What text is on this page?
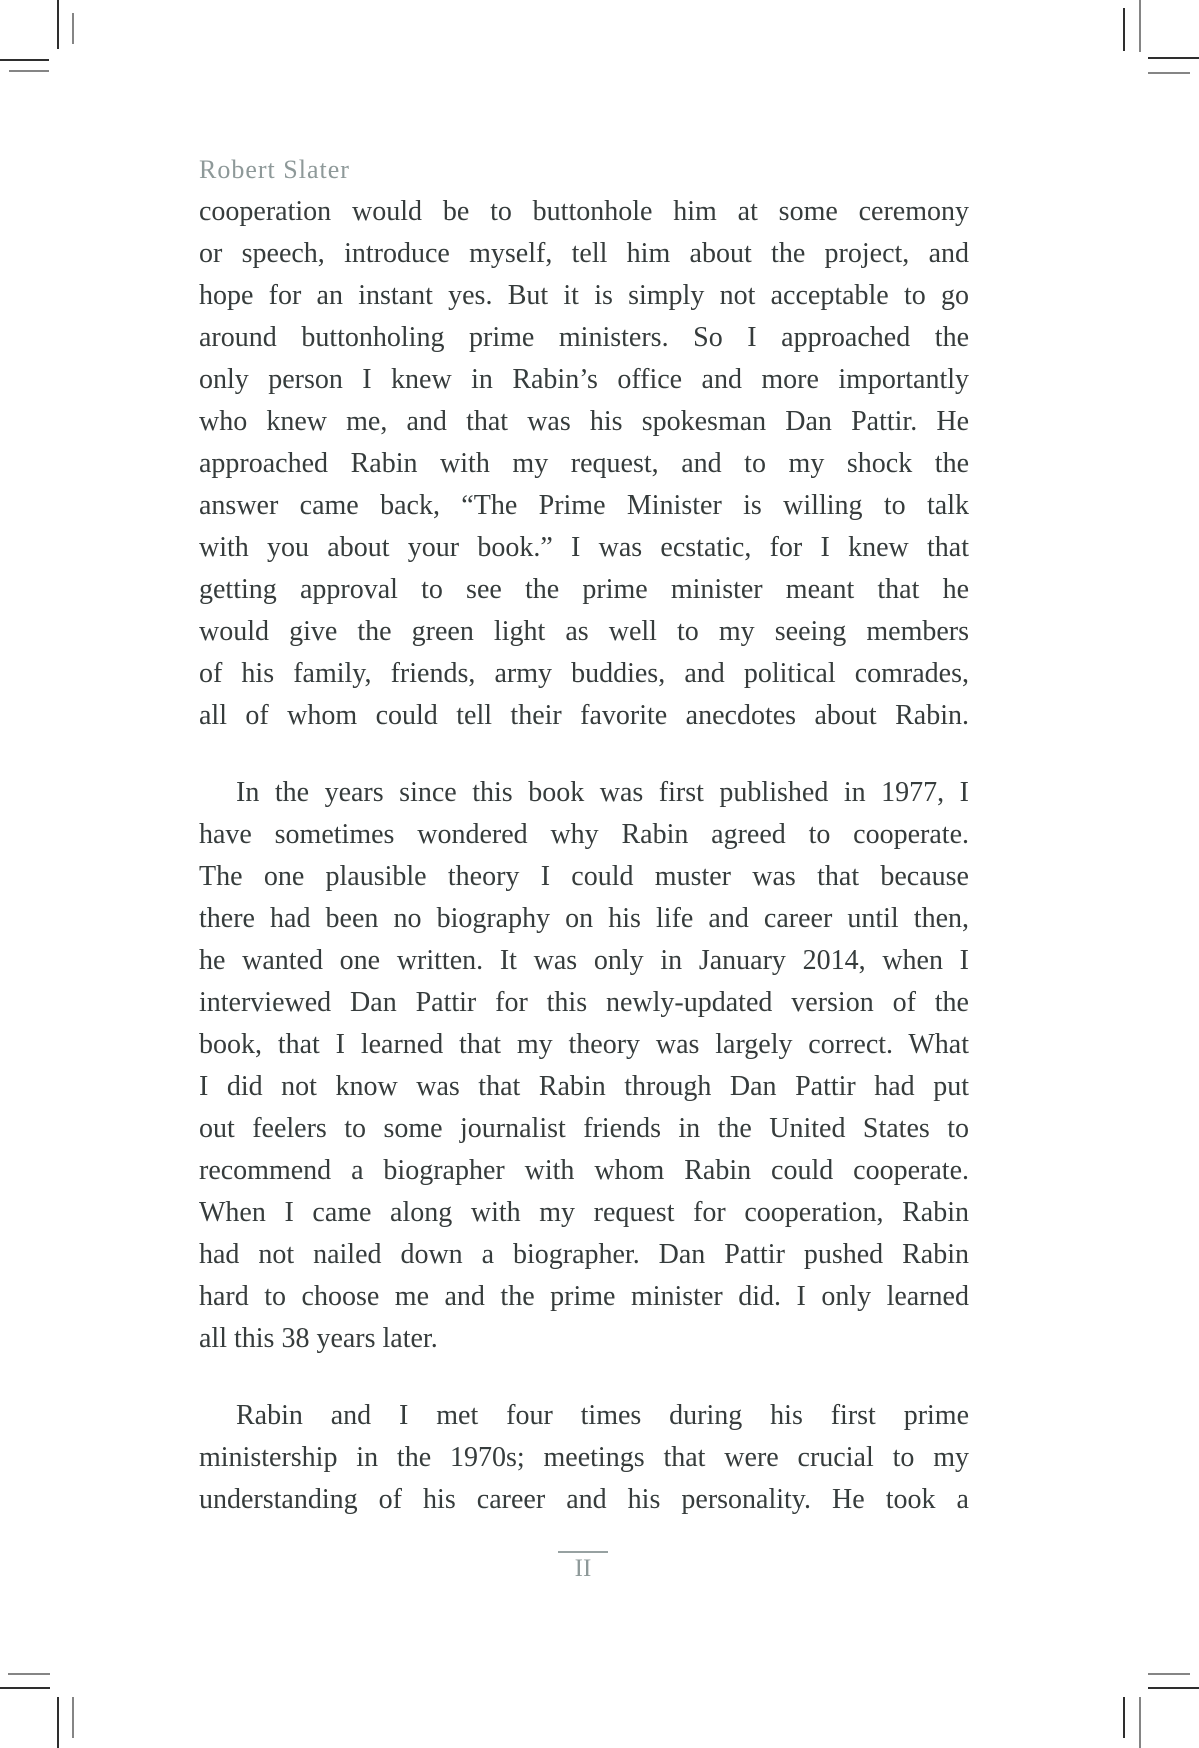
Robert Slater

cooperation would be to buttonhole him at some ceremony
or speech, introduce myself, tell him about the project, and
hope for an instant yes. But it is simply not acceptable to go
around buttonholing prime ministers. So I approached the
only person I knew in Rabin’s office and more importantly
who knew me, and that was his spokesman Dan Pattir. He
approached Rabin with my request, and to my shock the
answer came back, “The Prime Minister is willing to talk
with you about your book.” I was ecstatic, for I knew that
getting approval to see the prime minister meant that he
would give the green light as well to my seeing members
of his family, friends, army buddies, and political comrades,
all of whom could tell their favorite anecdotes about Rabin.

In the years since this book was first published in 1977, I
have sometimes wondered why Rabin agreed to cooperate.
The one plausible theory I could muster was that because
there had been no biography on his life and career until then,
he wanted one written. It was only in January 2014, when I
interviewed Dan Pattir for this newly-updated version of the
book, that I learned that my theory was largely correct. What
I did not know was that Rabin through Dan Pattir had put
out feelers to some journalist friends in the United States to
recommend a biographer with whom Rabin could cooperate.
When I came along with my request for cooperation, Rabin
had not nailed down a biographer. Dan Pattir pushed Rabin
hard to choose me and the prime minister did. I only learned
all this 38 years later.

Rabin and I met four times during his first prime
ministership in the 1970s; meetings that were crucial to my
understanding of his career and his personality. He took a

II
